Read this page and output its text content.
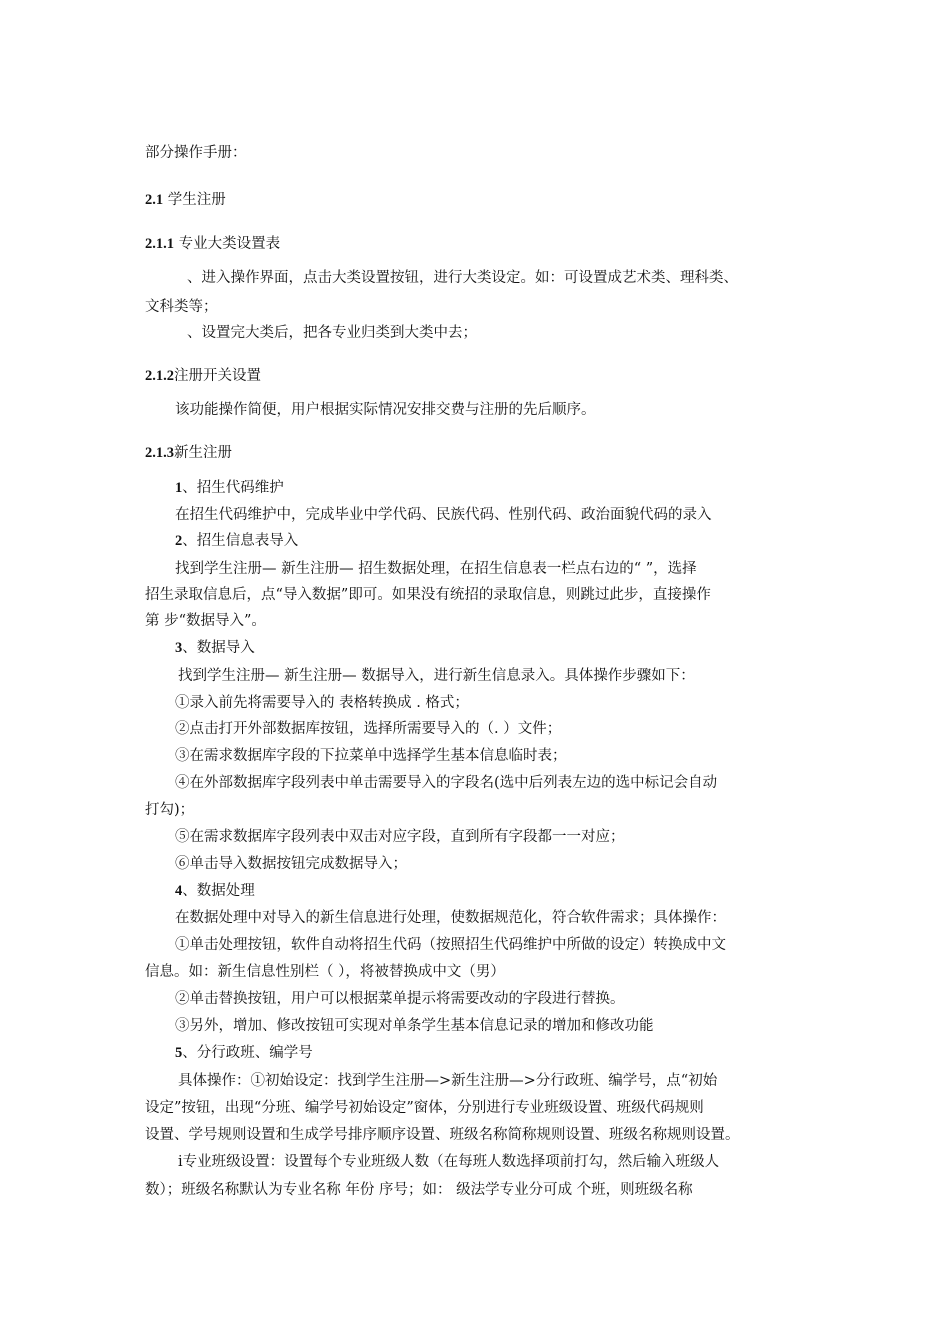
部分操作手册：
2.1 学生注册
2.1.1 专业大类设置表
、进入操作界面，点击大类设置按钮，进行大类设定。如：可设置成艺术类、理科类、
文科类等；
、设置完大类后，把各专业归类到大类中去；
2.1.2注册开关设置
该功能操作简便，用户根据实际情况安排交费与注册的先后顺序。
2.1.3新生注册
1、招生代码维护
在招生代码维护中，完成毕业中学代码、民族代码、性别代码、政治面貌代码的录入
2、招生信息表导入
找到学生注册— 新生注册— 招生数据处理，在招生信息表一栏点右边的“ ”，选择
招生录取信息后，点“导入数据”即可。如果没有统招的录取信息，则跳过此步，直接操作
第 步“数据导入”。
3、数据导入
找到学生注册— 新生注册— 数据导入，进行新生信息录入。具体操作步骤如下：
①录入前先将需要导入的 表格转换成 . 格式；
②点击打开外部数据库按钮，选择所需要导入的（. ）文件；
③在需求数据库字段的下拉菜单中选择学生基本信息临时表；
④在外部数据库字段列表中单击需要导入的字段名(选中后列表左边的选中标记会自动
打勾)；
⑤在需求数据库字段列表中双击对应字段，直到所有字段都一一对应；
⑥单击导入数据按钮完成数据导入；
4、数据处理
在数据处理中对导入的新生信息进行处理，使数据规范化，符合软件需求；具体操作：
①单击处理按钮，软件自动将招生代码（按照招生代码维护中所做的设定）转换成中文
信息。如：新生信息性别栏（ ），将被替换成中文（男）
②单击替换按钮，用户可以根据菜单提示将需要改动的字段进行替换。
③另外，增加、修改按钮可实现对单条学生基本信息记录的增加和修改功能
5、分行政班、编学号
具体操作：①初始设定：找到学生注册—>新生注册—>分行政班、编学号，点“初始
设定”按钮，出现“分班、编学号初始设定”窗体，分别进行专业班级设置、班级代码规则
设置、学号规则设置和生成学号排序顺序设置、班级名称简称规则设置、班级名称规则设置。
ⅰ专业班级设置：设置每个专业班级人数（在每班人数选择项前打勾，然后输入班级人
数）；班级名称默认为专业名称 年份 序号；如： 级法学专业分可成 个班，则班级名称
